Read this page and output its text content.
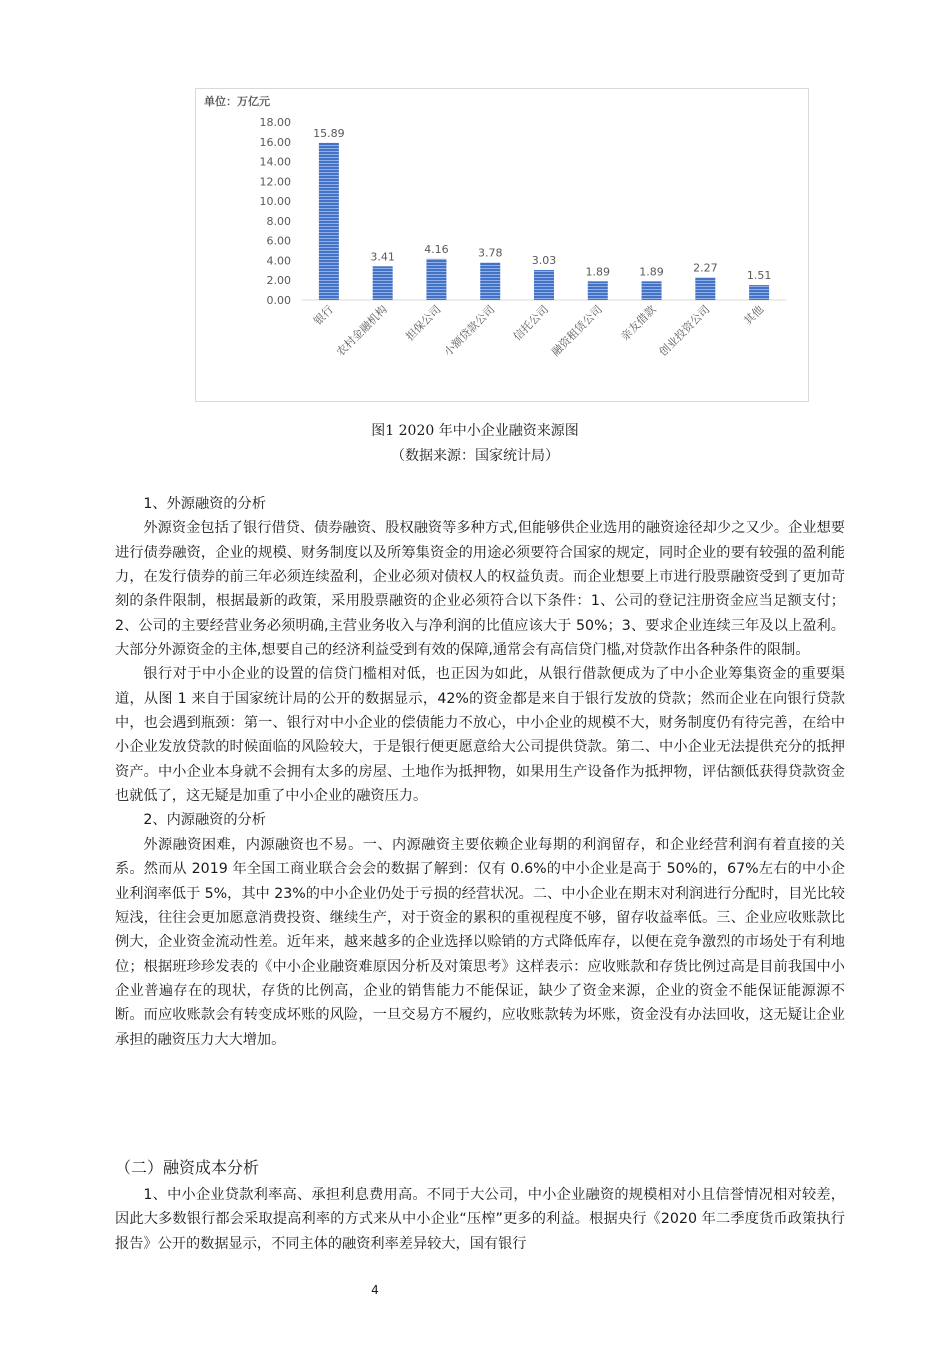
单位：万亿元
0.00
2.00
4.00
6.00
8.00
10.00
12.00
14.00
16.00
18.00
15.89
3.41
4.16	3.78
3.03
1.89	1.89	2.27
1.51
银行
农村金融机构 担保公司
小额贷款公司 信托公司
融资租赁公司 亲友借款
创业投资公司	其他
图1 2020 年中小企业融资来源图
（数据来源：国家统计局）

1、外源融资的分析

外源资金包括了银行借贷、债券融资、股权融资等多种方式,但能够供企业选用的融资途径却少之又少。企业想要进行债券融资，企业的规模、财务制度以及所筹集资金的用途必须要符合国家的规定，同时企业的要有较强的盈利能力，在发行债券的前三年必须连续盈利，企业必须对债权人的权益负责。而企业想要上市进行股票融资受到了更加苛刻的条件限制，根据最新的政策，采用股票融资的企业必须符合以下条件：1、公司的登记注册资金应当足额支付；2、公司的主要经营业务必须明确,主营业务收入与净利润的比值应该大于 50%；3、要求企业连续三年及以上盈利。大部分外源资金的主体,想要自己的经济利益受到有效的保障,通常会有高信贷门槛,对贷款作出各种条件的限制。

银行对于中小企业的设置的信贷门槛相对低，也正因为如此，从银行借款便成为了中小企业筹集资金的重要渠道，从图 1 来自于国家统计局的公开的数据显示，42%的资金都是来自于银行发放的贷款；然而企业在向银行贷款中，也会遇到瓶颈：第一、银行对中小企业的偿债能力不放心，中小企业的规模不大，财务制度仍有待完善，在给中小企业发放贷款的时候面临的风险较大，于是银行便更愿意给大公司提供贷款。第二、中小企业无法提供充分的抵押资产。中小企业本身就不会拥有太多的房屋、土地作为抵押物，如果用生产设备作为抵押物，评估额低获得贷款资金也就低了，这无疑是加重了中小企业的融资压力。

2、内源融资的分析

外源融资困难，内源融资也不易。一、内源融资主要依赖企业每期的利润留存，和企业经营利润有着直接的关系。然而从 2019 年全国工商业联合会会的数据了解到：仅有 0.6%的中小企业是高于 50%的，67%左右的中小企业利润率低于 5%，其中 23%的中小企业仍处于亏损的经营状况。二、中小企业在期末对利润进行分配时，目光比较短浅，往往会更加愿意消费投资、继续生产，对于资金的累积的重视程度不够，留存收益率低。三、企业应收账款比例大，企业资金流动性差。近年来，越来越多的企业选择以赊销的方式降低库存，以便在竞争激烈的市场处于有利地位；根据班珍珍发表的《中小企业融资难原因分析及对策思考》这样表示：应收账款和存货比例过高是目前我国中小企业普遍存在的现状，存货的比例高，企业的销售能力不能保证，缺少了资金来源，企业的资金不能保证能源源不断。而应收账款会有转变成坏账的风险，一旦交易方不履约，应收账款转为坏账，资金没有办法回收，这无疑让企业承担的融资压力大大增加。

（二）融资成本分析

1、中小企业贷款利率高、承担利息费用高。不同于大公司，中小企业融资的规模相对小且信誉情况相对较差，因此大多数银行都会采取提高利率的方式来从中小企业“压榨”更多的利益。根据央行《2020 年二季度货币政策执行报告》公开的数据显示，不同主体的融资利率差异较大，国有银行

4
